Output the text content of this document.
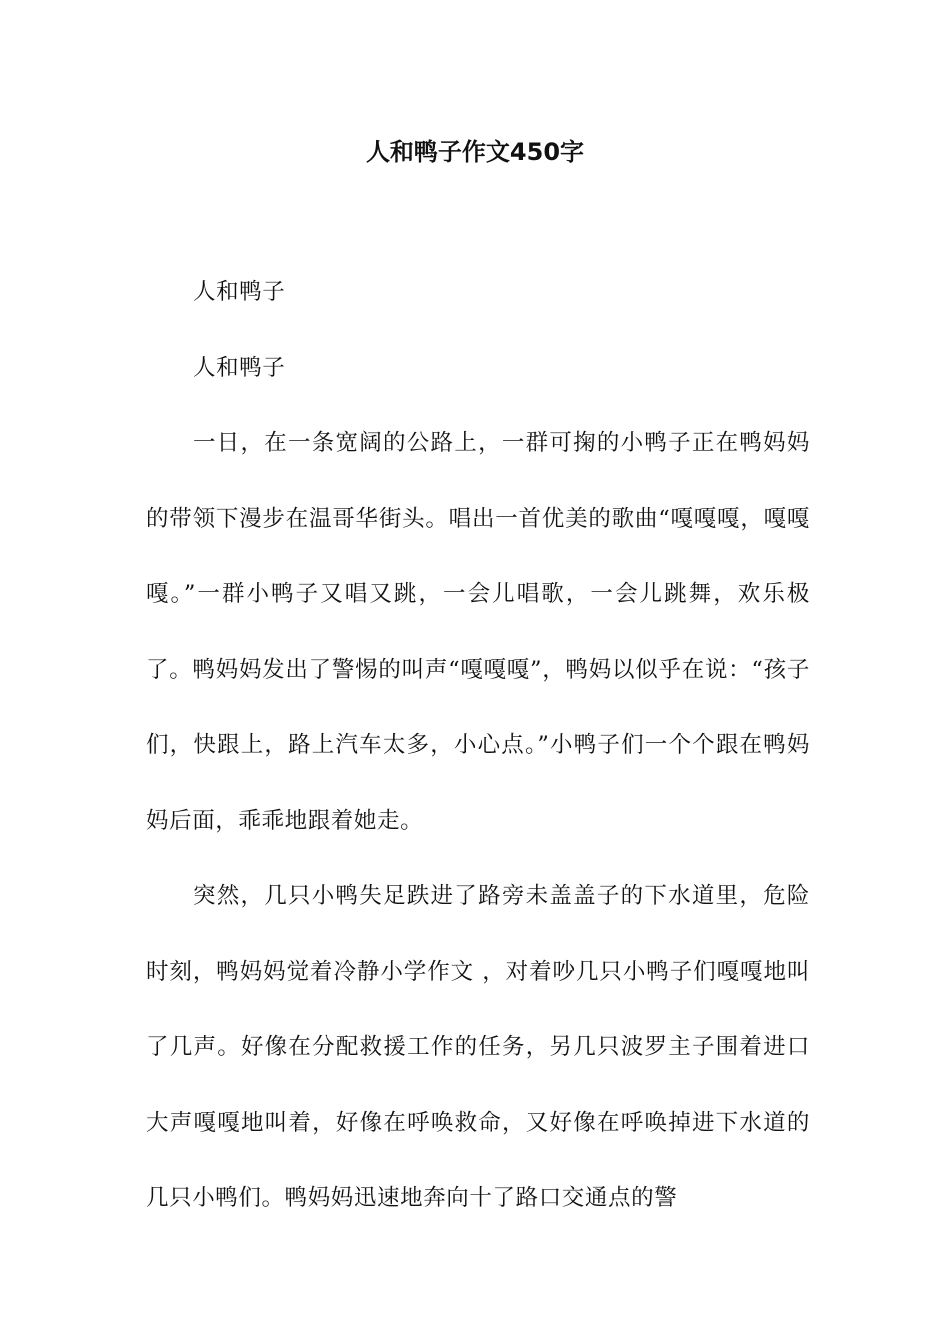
人和鸭子作文450字

人和鸭子

人和鸭子

一日，在一条宽阔的公路上，一群可掬的小鸭子正在鸭妈妈的带领下漫步在温哥华街头。唱出一首优美的歌曲“嘎嘎嘎，嘎嘎嘎。”一群小鸭子又唱又跳，一会儿唱歌，一会儿跳舞，欢乐极了。鸭妈妈发出了警惕的叫声“嘎嘎嘎”，鸭妈以似乎在说：“孩子们，快跟上，路上汽车太多，小心点。”小鸭子们一个个跟在鸭妈妈后面，乖乖地跟着她走。

突然，几只小鸭失足跌进了路旁未盖盖子的下水道里，危险时刻，鸭妈妈觉着冷静小学作文 ，对着吵几只小鸭子们嘎嘎地叫了几声。好像在分配救援工作的任务，另几只波罗主子围着进口大声嘎嘎地叫着，好像在呼唤救命，又好像在呼唤掉进下水道的几只小鸭们。鸭妈妈迅速地奔向十了路口交通点的警
